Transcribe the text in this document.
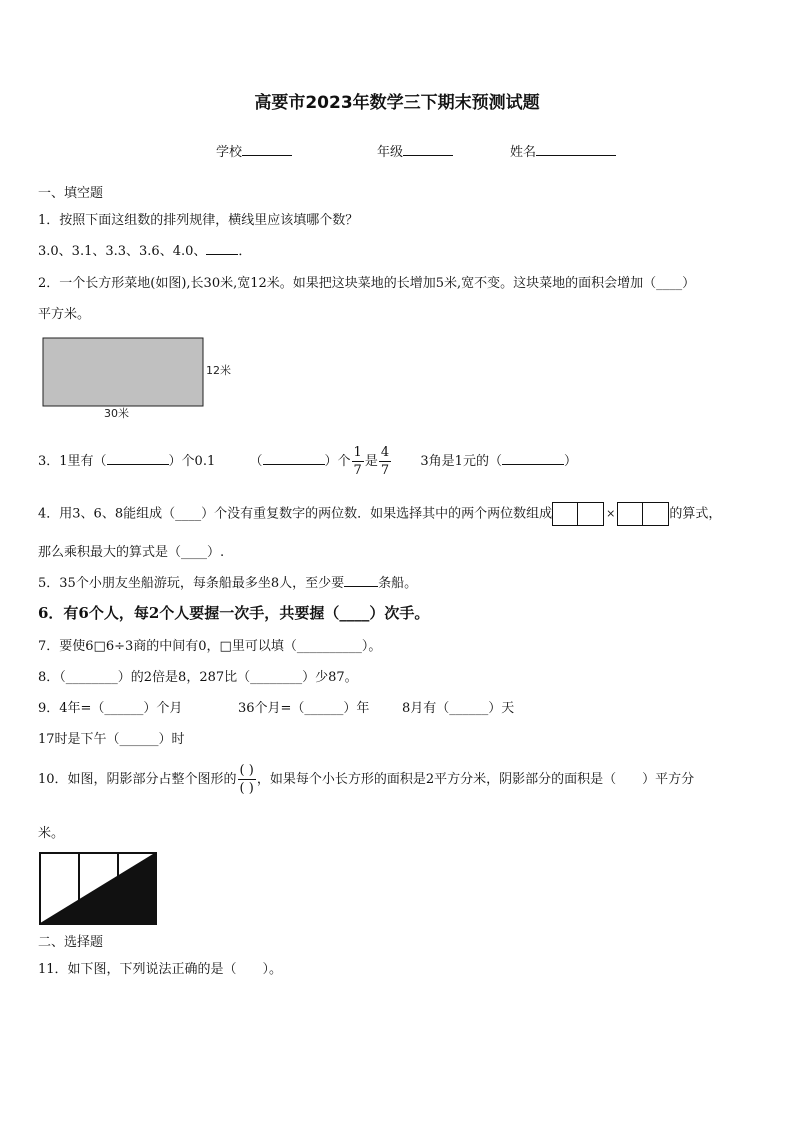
高要市2023年数学三下期末预测试题
学校	年级	姓名
一、填空题
1．按照下面这组数的排列规律，横线里应该填哪个数？
3.0、3.1、3.3、3.6、4.0、 ．
2．一个长方形菜地(如图),长30米,宽12米。如果把这块菜地的长增加5米,宽不变。这块菜地的面积会增加（____）
平方米。
12米
30米
3．1里有（	）个0.1	（	）个 $\frac{1}{7}$ 是 $\frac{4}{7} 3$角是1元的（	）
4．用3、6、8能组成（____）个没有重复数字的两位数．如果选择其中的两个两位数组成	×	的算式，
那么乘积最大的算式是（____）.
5．35个小朋友坐船游玩，每条船最多坐8人，至少要	条船。
6．有6个人，每2个人要握一次手，共要握（____）次手。
7．要使6□6÷3商的中间有0，□里可以填（__________）。
8．（________）的2倍是8，287比（________）少87。
9．4年=（______）个月	36个月=（______）年	8月有（______）天
17时是下午（______）时
10．如图，阴影部分占整个图形的 $\frac{( )}{( )}$ ，如果每个小长方形的面积是2平方分米，阴影部分的面积是（　　）平方分
米。
二、选择题
11．如下图，下列说法正确的是（　　）。
